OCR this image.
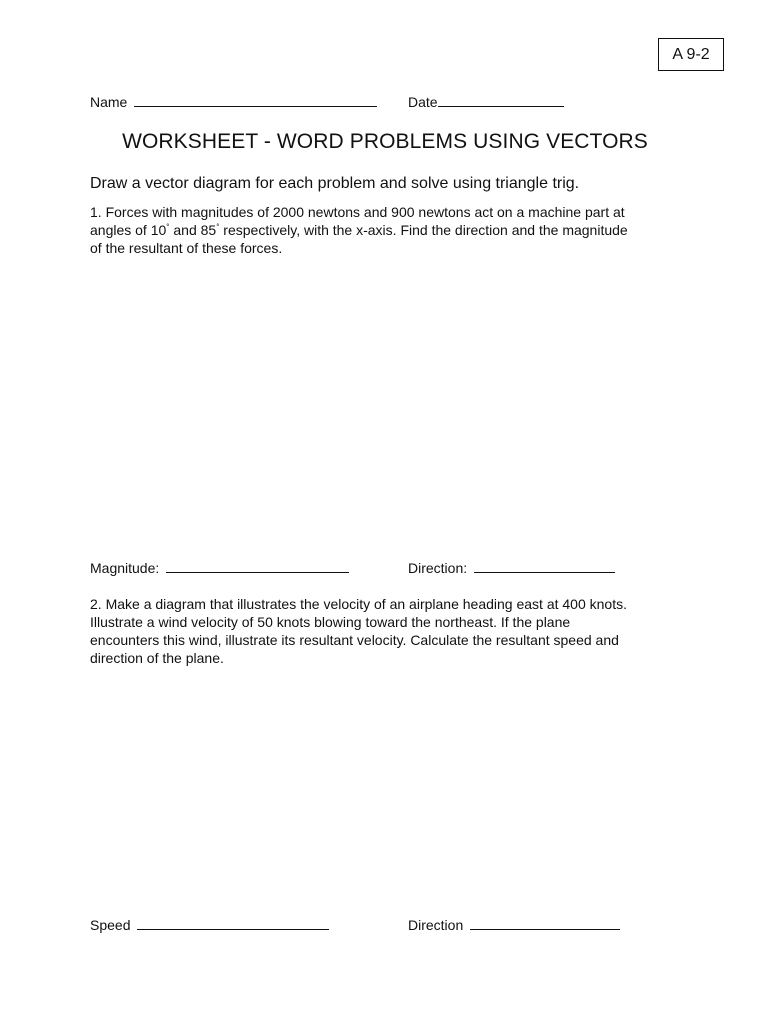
A 9-2
Name	Date
WORKSHEET - WORD PROBLEMS USING VECTORS
Draw a vector diagram for each problem and solve using triangle trig.

1. Forces with magnitudes of 2000 newtons and 900 newtons act on a machine part at

angles of 10° and 85° respectively, with the x-axis. Find the direction and the magnitude

of the resultant of these forces.

Magnitude:	Direction:

2. Make a diagram that illustrates the velocity of an airplane heading east at 400 knots.

Illustrate a wind velocity of 50 knots blowing toward the northeast. If the plane

encounters this wind, illustrate its resultant velocity. Calculate the resultant speed and

direction of the plane.

Speed	Direction
